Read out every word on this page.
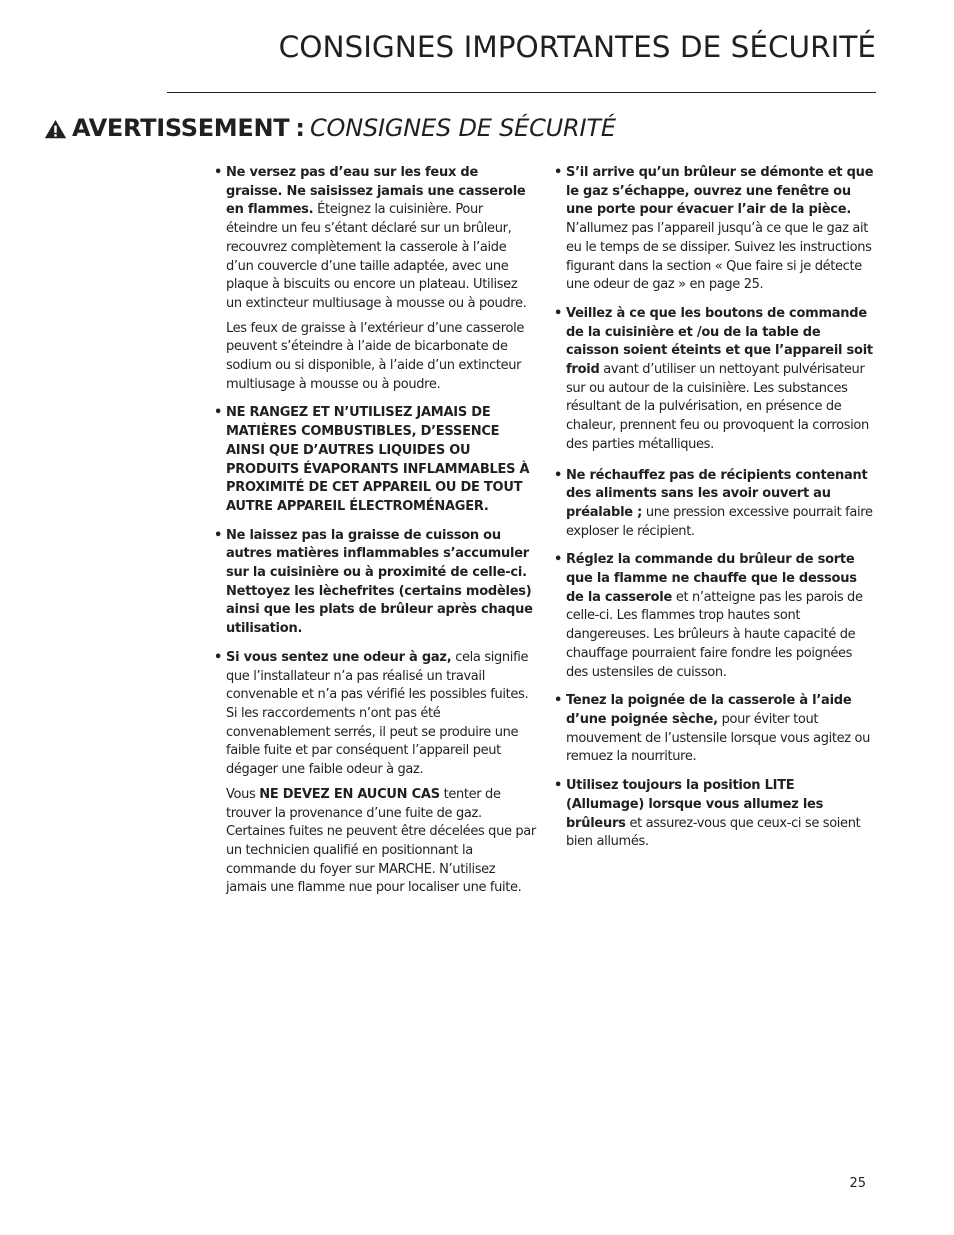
CONSIGNES IMPORTANTES DE SÉCURITÉ
AVERTISSEMENT : CONSIGNES DE SÉCURITÉ
• Ne versez pas d’eau sur les feux de graisse. Ne saisissez jamais une casserole en flammes. Éteignez la cuisinière. Pour éteindre un feu s’étant déclaré sur un brûleur, recouvrez complètement la casserole à l’aide d’un couvercle d’une taille adaptée, avec une plaque à biscuits ou encore un plateau. Utilisez un extincteur multiusage à mousse ou à poudre.
Les feux de graisse à l’extérieur d’une casserole peuvent s’éteindre à l’aide de bicarbonate de sodium ou si disponible, à l’aide d’un extincteur multiusage à mousse ou à poudre.
• NE RANGEZ ET N’UTILISEZ JAMAIS DE MATIÈRES COMBUSTIBLES, D’ESSENCE AINSI QUE D’AUTRES LIQUIDES OU PRODUITS ÉVAPORANTS INFLAMMABLES À PROXIMITÉ DE CET APPAREIL OU DE TOUT AUTRE APPAREIL ÉLECTROMÉNAGER.
• Ne laissez pas la graisse de cuisson ou autres matières inflammables s’accumuler sur la cuisinière ou à proximité de celle-ci. Nettoyez les lèchefrites (certains modèles) ainsi que les plats de brûleur après chaque utilisation.
• Si vous sentez une odeur à gaz, cela signifie que l’installateur n’a pas réalisé un travail convenable et n’a pas vérifié les possibles fuites. Si les raccordements n’ont pas été convenablement serrés, il peut se produire une faible fuite et par conséquent l’appareil peut dégager une faible odeur à gaz.
Vous NE DEVEZ EN AUCUN CAS tenter de trouver la provenance d’une fuite de gaz. Certaines fuites ne peuvent être décelées que par un technicien qualifié en positionnant la commande du foyer sur MARCHE. N’utilisez jamais une flamme nue pour localiser une fuite.
• S’il arrive qu’un brûleur se démonte et que le gaz s’échappe, ouvrez une fenêtre ou une porte pour évacuer l’air de la pièce. N’allumez pas l’appareil jusqu’à ce que le gaz ait eu le temps de se dissiper. Suivez les instructions figurant dans la section « Que faire si je détecte une odeur de gaz » en page 25.
• Veillez à ce que les boutons de commande de la cuisinière et /ou de la table de caisson soient éteints et que l’appareil soit froid avant d’utiliser un nettoyant pulvérisateur sur ou autour de la cuisinière. Les substances résultant de la pulvérisation, en présence de chaleur, prennent feu ou provoquent la corrosion des parties métalliques.
• Ne réchauffez pas de récipients contenant des aliments sans les avoir ouvert au préalable ; une pression excessive pourrait faire exploser le récipient.
• Réglez la commande du brûleur de sorte que la flamme ne chauffe que le dessous de la casserole et n’atteigne pas les parois de celle-ci. Les flammes trop hautes sont dangereuses. Les brûleurs à haute capacité de chauffage pourraient faire fondre les poignées des ustensiles de cuisson.
• Tenez la poignée de la casserole à l’aide d’une poignée sèche, pour éviter tout mouvement de l’ustensile lorsque vous agitez ou remuez la nourriture.
• Utilisez toujours la position LITE (Allumage) lorsque vous allumez les brûleurs et assurez-vous que ceux-ci se soient bien allumés.
25
